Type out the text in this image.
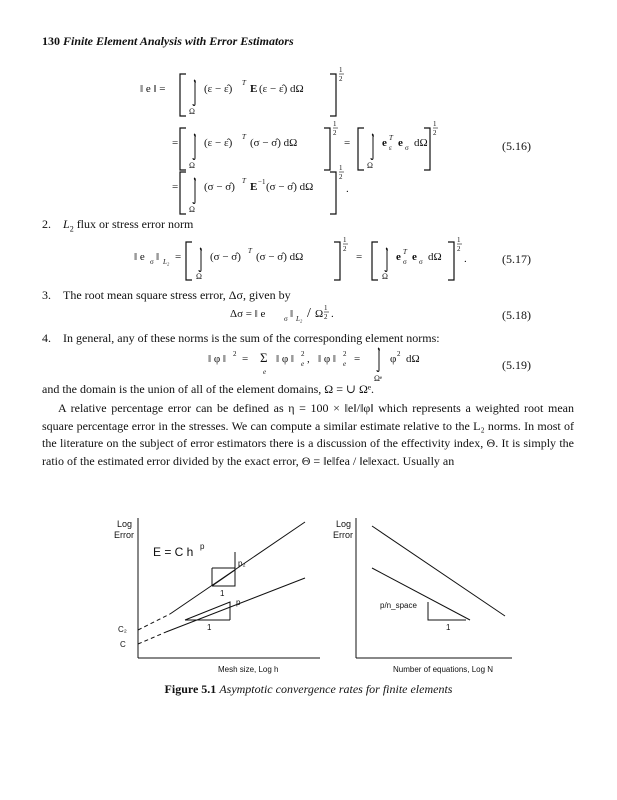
130 Finite Element Analysis with Error Estimators
‖ e ‖ =
Ω
(ε − ε̂) T E (ε − ε̂) dΩ
1
2
=
Ω
(ε − ε̂) T (σ − σ̂) dΩ
1
2
=
Ω
e T
ε e σ dΩ
1
2
=
Ω
(σ − σ̂) T E −1 (σ − σ̂) dΩ
1
2
.
(5.16)
2. $L_2$ flux or stress error norm
‖ e σ ‖ L₂ =
Ω
(σ − σ̂) T (σ − σ̂) dΩ
1
2
=
Ω
e T
σ e σ dΩ
1
2
.	(5.17)
3. The root mean square stress error, Δσ, given by
Δσ = ‖ e	σ ‖ L₂ / Ω 1
2 .	(5.18)
4. In general, any of these norms is the sum of the corresponding element norms:
‖ φ ‖ 2 = Σ
e
‖ φ ‖ 2
e , ‖ φ ‖ 2
e =
Ωᵉ
φ 2 dΩ	(5.19)
and the domain is the union of all of the element domains, Ω = ∪ Ωᵉ.
A relative percentage error can be defined as η = 100 × ‖e‖/‖φ‖ which represents a weighted root mean square percentage error in the stresses. We can compute a similar estimate relative to the L₂ norms. In most of the literature on the subject of error estimators there is a discussion of the effectivity index, Θ. It is simply the ratio of the estimated error divided by the exact error, Θ = ‖e‖fea / ‖e‖exact. Usually an
Log
Error
E = C h p
p₂
1
p
1
C₂
C
Mesh size, Log h
Log
Error
p/n_space
1
Number of equations, Log N
Figure 5.1 Asymptotic convergence rates for finite elements
